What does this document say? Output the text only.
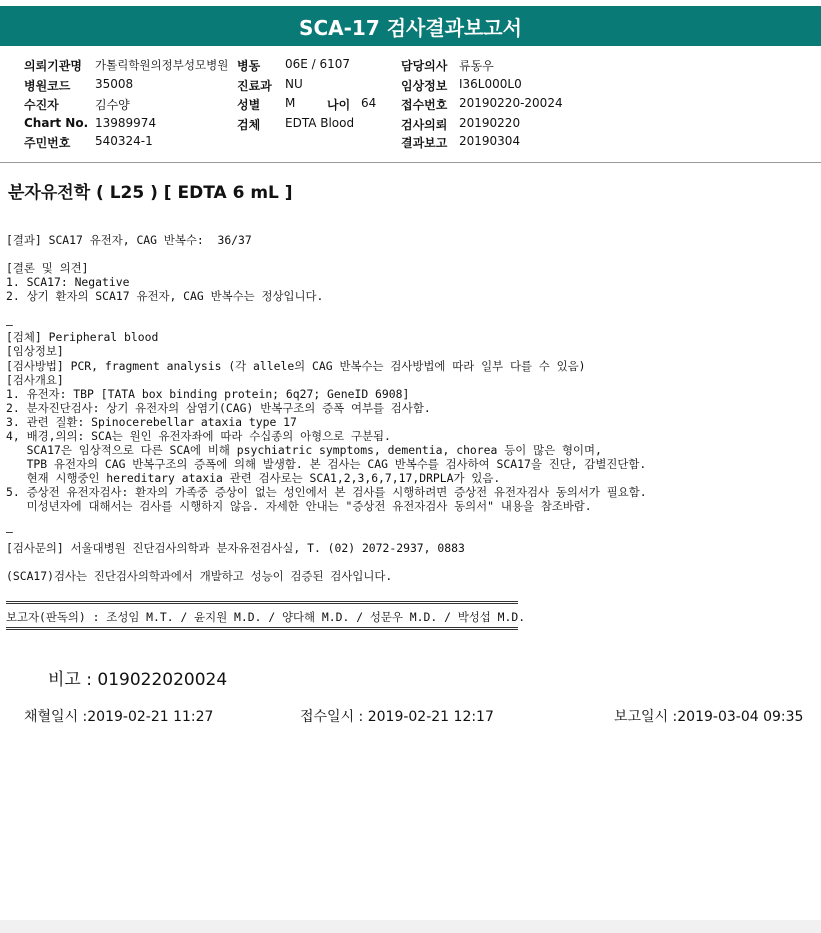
SCA-17 검사결과보고서
의뢰기관명 가톨릭학원의정부성모병원 병동 06E / 6107	담당의사 류동우
병원코드 35008	진료과 NU	임상정보 I36L000L0
수진자	김수양	성별 M	나이 64 접수번호 20190220-20024
Chart No. 13989974	검체 EDTA Blood	검사의뢰 20190220
주민번호 540324-1	결과보고 20190304
분자유전학 ( L25 ) [ EDTA 6 mL ]
[결과] SCA17 유전자, CAG 반복수:  36/37
[결론 및 의견]
1. SCA17: Negative
2. 상기 환자의 SCA17 유전자, CAG 반복수는 정상입니다.
—
[검체] Peripheral blood
[임상정보]
[검사방법] PCR, fragment analysis (각 allele의 CAG 반복수는 검사방법에 따라 일부 다를 수 있음)
[검사개요]
1. 유전자: TBP [TATA box binding protein; 6q27; GeneID 6908]
2. 분자진단검사: 상기 유전자의 삼염기(CAG) 반복구조의 증폭 여부를 검사함.
3. 관련 질환: Spinocerebellar ataxia type 17
4, 배경,의의: SCA는 원인 유전자좌에 따라 수십종의 아형으로 구분됨.
SCA17은 임상적으로 다른 SCA에 비해 psychiatric symptoms, dementia, chorea 등이 많은 형이며,
TPB 유전자의 CAG 반복구조의 증폭에 의해 발생함. 본 검사는 CAG 반복수를 검사하여 SCA17을 진단, 감별진단함.
현재 시행중인 hereditary ataxia 관련 검사로는 SCA1,2,3,6,7,17,DRPLA가 있음.
5. 증상전 유전자검사: 환자의 가족중 증상이 없는 성인에서 본 검사를 시행하려면 증상전 유전자검사 동의서가 필요함.
미성년자에 대해서는 검사를 시행하지 않음. 자세한 안내는 "증상전 유전자검사 동의서" 내용을 참조바람.
—
[검사문의] 서울대병원 진단검사의학과 분자유전검사실, T. (02) 2072-2937, 0883
(SCA17)검사는 진단검사의학과에서 개발하고 성능이 검증된 검사입니다.
보고자(판독의) : 조성임 M.T. / 윤지원 M.D. / 양다해 M.D. / 성문우 M.D. / 박성섭 M.D.
비고 : 019022020024
채혈일시 :2019-02-21 11:27	접수일시 : 2019-02-21 12:17	보고일시 :2019-03-04 09:35
